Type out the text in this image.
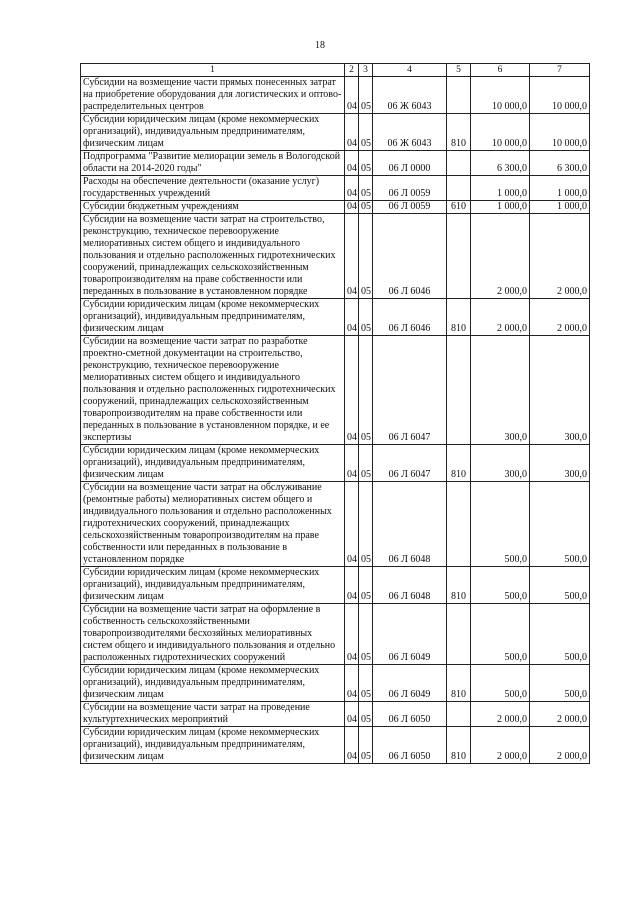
18
1	2	3	4	5	6	7
Субсидии на возмещение части прямых понесенных затрат на приобретение оборудования для логистических и оптово-распределительных центров	04	05	06 Ж 6043		10 000,0	10 000,0
Субсидии юридическим лицам (кроме некоммерческих организаций), индивидуальным предпринимателям, физическим лицам	04	05	06 Ж 6043	810	10 000,0	10 000,0
Подпрограмма "Развитие мелиорации земель в Вологодской области на 2014-2020 годы"	04	05	06 Л 0000		6 300,0	6 300,0
Расходы на обеспечение деятельности (оказание услуг) государственных учреждений	04	05	06 Л 0059		1 000,0	1 000,0
Субсидии бюджетным учреждениям	04	05	06 Л 0059	610	1 000,0	1 000,0
Субсидии на возмещение части затрат на строительство, реконструкцию, техническое перевооружение мелиоративных систем общего и индивидуального пользования и отдельно расположенных гидротехнических сооружений, принадлежащих сельскохозяйственным товаропроизводителям на праве собственности или переданных в пользование в установленном порядке	04	05	06 Л 6046		2 000,0	2 000,0
Субсидии юридическим лицам (кроме некоммерческих организаций), индивидуальным предпринимателям, физическим лицам	04	05	06 Л 6046	810	2 000,0	2 000,0
Субсидии на возмещение части затрат по разработке проектно-сметной документации на строительство, реконструкцию, техническое перевооружение мелиоративных систем общего и индивидуального пользования и отдельно расположенных гидротехнических сооружений, принадлежащих сельскохозяйственным товаропроизводителям на праве собственности или переданных в пользование в установленном порядке, и ее экспертизы	04	05	06 Л 6047		300,0	300,0
Субсидии юридическим лицам (кроме некоммерческих организаций), индивидуальным предпринимателям, физическим лицам	04	05	06 Л 6047	810	300,0	300,0
Субсидии на возмещение части затрат на обслуживание (ремонтные работы) мелиоративных систем общего и индивидуального пользования и отдельно расположенных гидротехнических сооружений, принадлежащих сельскохозяйственным товаропроизводителям на праве собственности или переданных в пользование в установленном порядке	04	05	06 Л 6048		500,0	500,0
Субсидии юридическим лицам (кроме некоммерческих организаций), индивидуальным предпринимателям, физическим лицам	04	05	06 Л 6048	810	500,0	500,0
Субсидии на возмещение части затрат на оформление в собственность сельскохозяйственными товаропроизводителями бесхозяйных мелиоративных систем общего и индивидуального пользования и отдельно расположенных гидротехнических сооружений	04	05	06 Л 6049		500,0	500,0
Субсидии юридическим лицам (кроме некоммерческих организаций), индивидуальным предпринимателям, физическим лицам	04	05	06 Л 6049	810	500,0	500,0
Субсидии на возмещение части затрат на проведение культуртехнических мероприятий	04	05	06 Л 6050		2 000,0	2 000,0
Субсидии юридическим лицам (кроме некоммерческих организаций), индивидуальным предпринимателям, физическим лицам	04	05	06 Л 6050	810	2 000,0	2 000,0
